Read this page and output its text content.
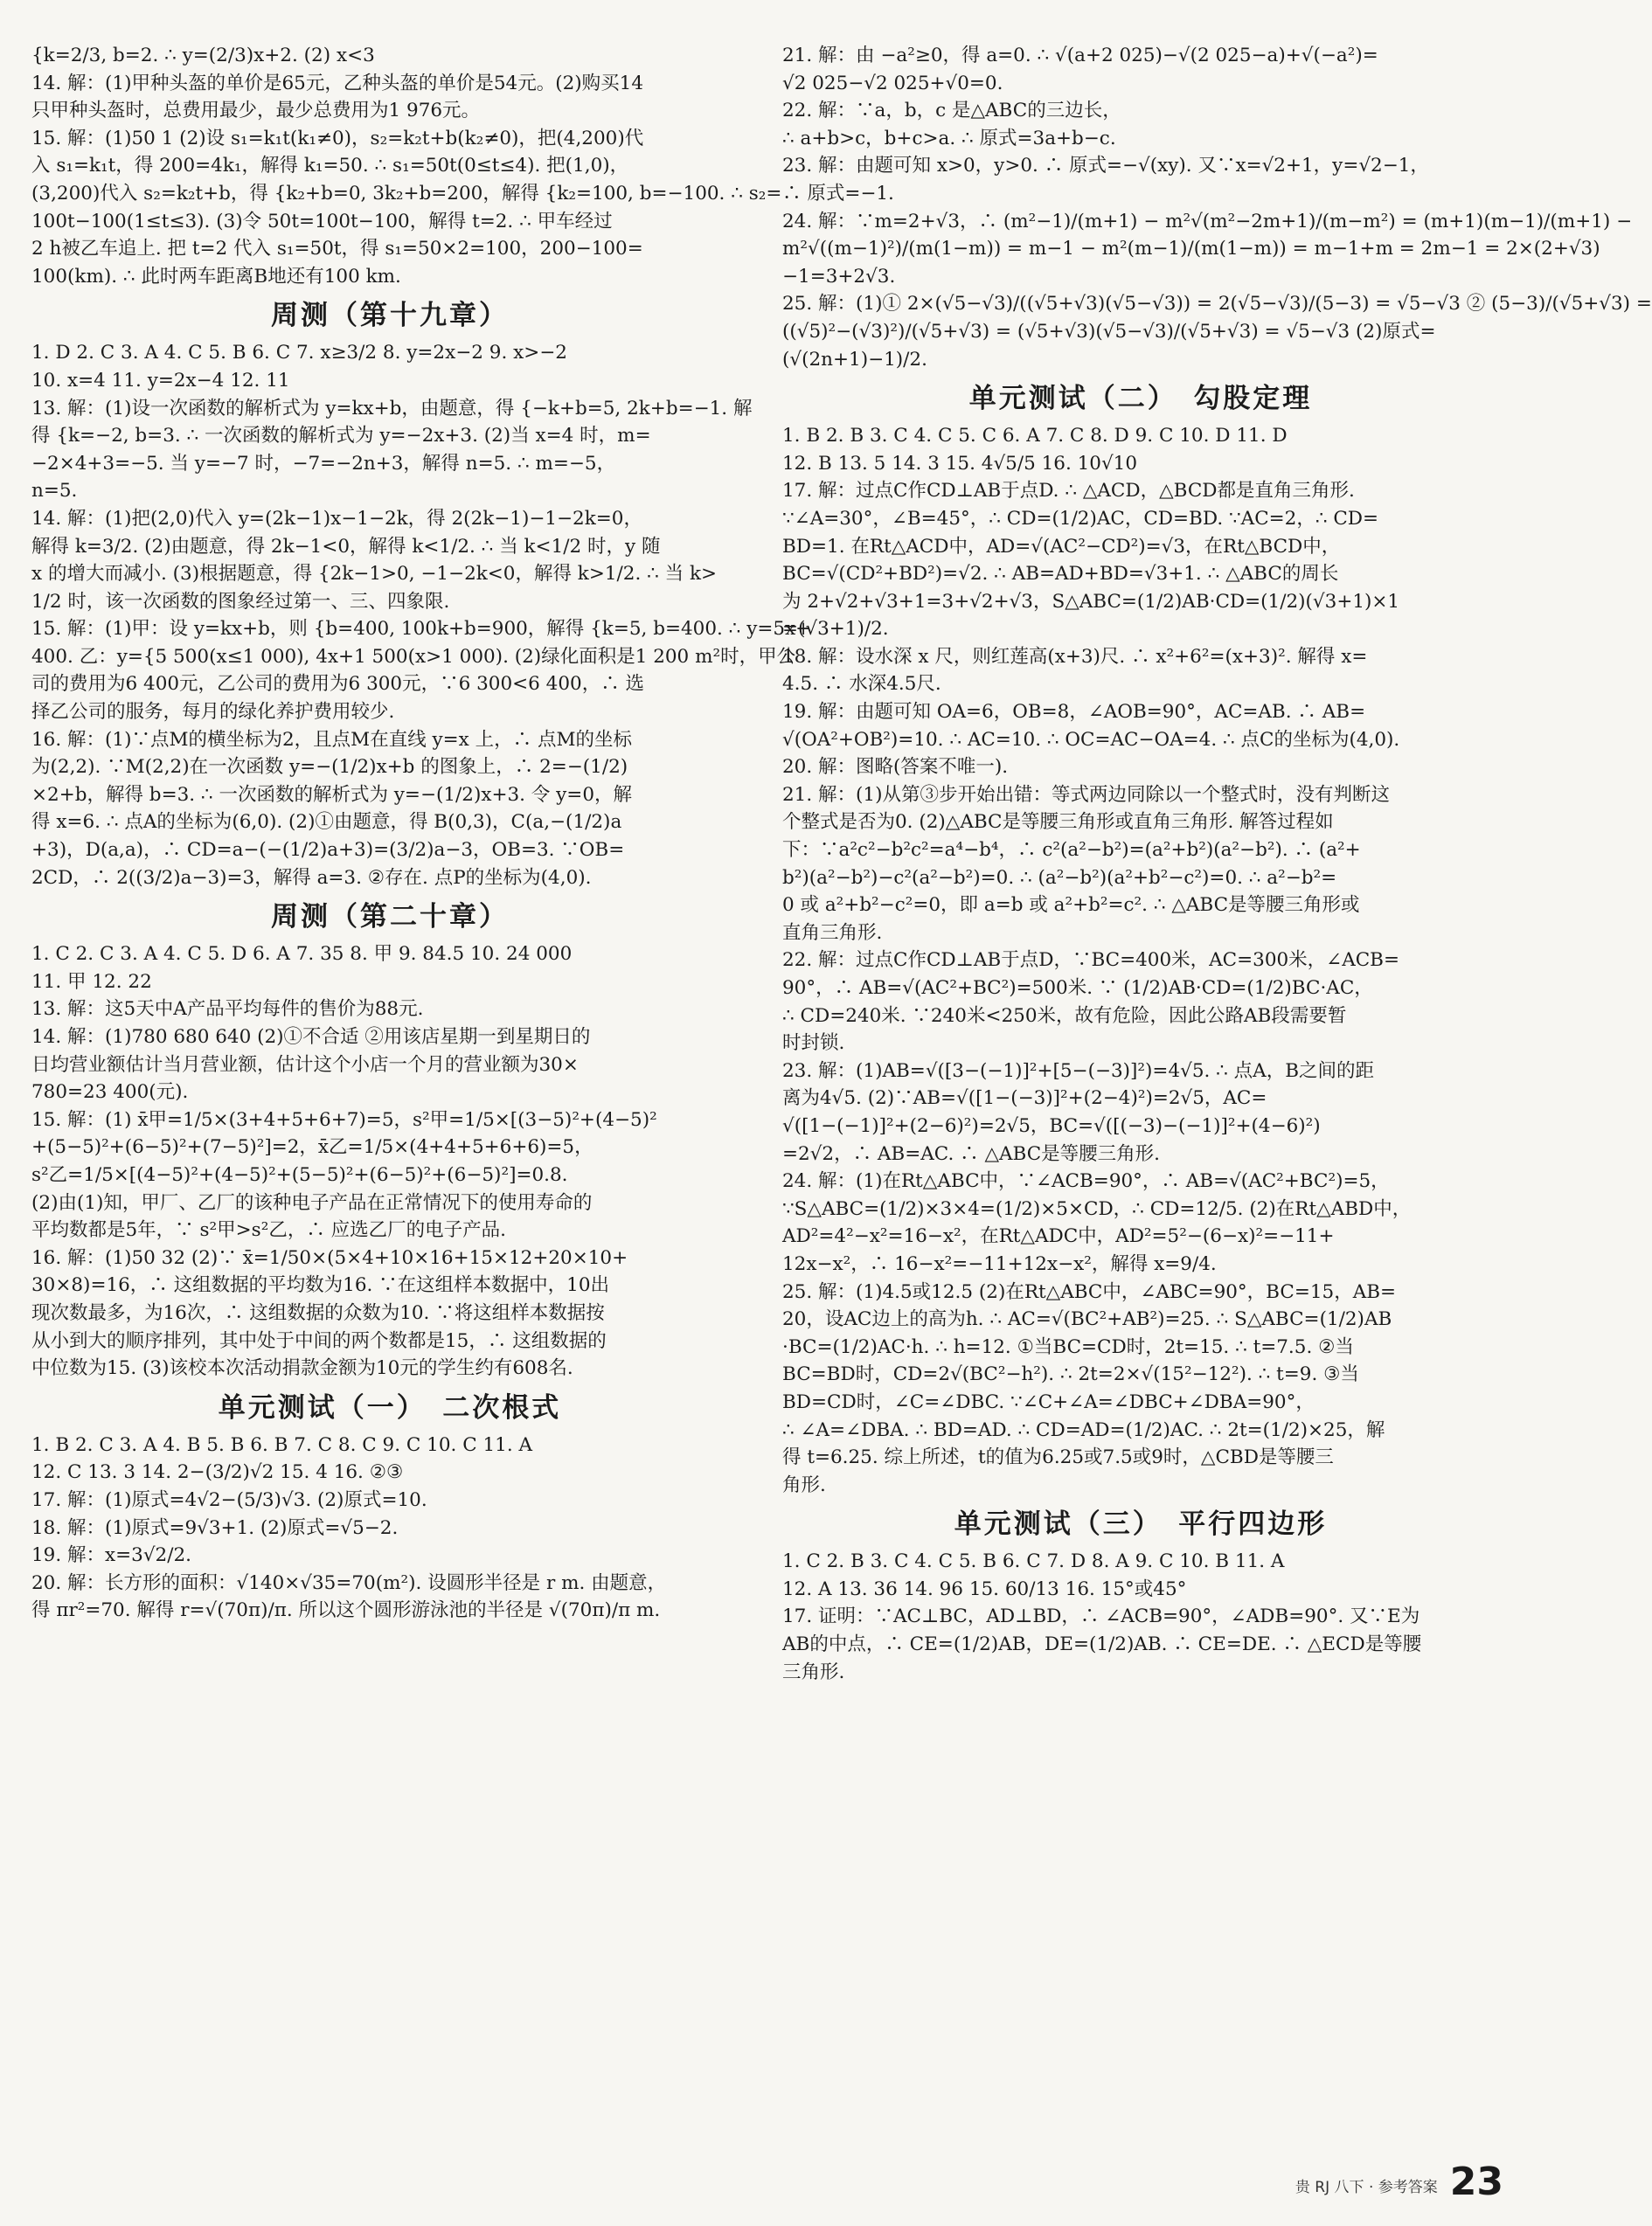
{k=2/3, b=2. ∴ y=(2/3)x+2. (2) x<3
14. 解：(1)甲种头盔的单价是65元，乙种头盔的单价是54元。(2)购买14
只甲种头盔时，总费用最少，最少总费用为1 976元。
15. 解：(1)50 1 (2)设 s₁=k₁t(k₁≠0)，s₂=k₂t+b(k₂≠0)，把(4,200)代
入 s₁=k₁t，得 200=4k₁，解得 k₁=50. ∴ s₁=50t(0≤t≤4). 把(1,0)，
(3,200)代入 s₂=k₂t+b，得 {k₂+b=0, 3k₂+b=200，解得 {k₂=100, b=−100. ∴ s₂=
100t−100(1≤t≤3). (3)令 50t=100t−100，解得 t=2. ∴ 甲车经过
2 h被乙车追上. 把 t=2 代入 s₁=50t，得 s₁=50×2=100，200−100=
100(km). ∴ 此时两车距离B地还有100 km.
周测（第十九章）
1. D 2. C 3. A 4. C 5. B 6. C 7. x≥3/2 8. y=2x−2 9. x>−2
10. x=4 11. y=2x−4 12. 11
13. 解：(1)设一次函数的解析式为 y=kx+b，由题意，得 {−k+b=5, 2k+b=−1. 解
得 {k=−2, b=3. ∴ 一次函数的解析式为 y=−2x+3. (2)当 x=4 时，m=
−2×4+3=−5. 当 y=−7 时，−7=−2n+3，解得 n=5. ∴ m=−5，
n=5.
14. 解：(1)把(2,0)代入 y=(2k−1)x−1−2k，得 2(2k−1)−1−2k=0，
解得 k=3/2. (2)由题意，得 2k−1<0，解得 k<1/2. ∴ 当 k<1/2 时，y 随
x 的增大而减小. (3)根据题意，得 {2k−1>0, −1−2k<0，解得 k>1/2. ∴ 当 k>
1/2 时，该一次函数的图象经过第一、三、四象限.
15. 解：(1)甲：设 y=kx+b，则 {b=400, 100k+b=900，解得 {k=5, b=400. ∴ y=5x+
400. 乙：y={5 500(x≤1 000), 4x+1 500(x>1 000). (2)绿化面积是1 200 m²时，甲公
司的费用为6 400元，乙公司的费用为6 300元，∵6 300<6 400，∴ 选
择乙公司的服务，每月的绿化养护费用较少.
16. 解：(1)∵点M的横坐标为2，且点M在直线 y=x 上，∴ 点M的坐标
为(2,2). ∵M(2,2)在一次函数 y=−(1/2)x+b 的图象上，∴ 2=−(1/2)
×2+b，解得 b=3. ∴ 一次函数的解析式为 y=−(1/2)x+3. 令 y=0，解
得 x=6. ∴ 点A的坐标为(6,0). (2)①由题意，得 B(0,3)，C(a,−(1/2)a
+3)，D(a,a)，∴ CD=a−(−(1/2)a+3)=(3/2)a−3，OB=3. ∵OB=
2CD，∴ 2((3/2)a−3)=3，解得 a=3. ②存在. 点P的坐标为(4,0).
周测（第二十章）
1. C 2. C 3. A 4. C 5. D 6. A 7. 35 8. 甲 9. 84.5 10. 24 000
11. 甲 12. 22
13. 解：这5天中A产品平均每件的售价为88元.
14. 解：(1)780 680 640 (2)①不合适 ②用该店星期一到星期日的
日均营业额估计当月营业额，估计这个小店一个月的营业额为30×
780=23 400(元).
15. 解：(1) x̄甲=1/5×(3+4+5+6+7)=5，s²甲=1/5×[(3−5)²+(4−5)²
+(5−5)²+(6−5)²+(7−5)²]=2，x̄乙=1/5×(4+4+5+6+6)=5，
s²乙=1/5×[(4−5)²+(4−5)²+(5−5)²+(6−5)²+(6−5)²]=0.8.
(2)由(1)知，甲厂、乙厂的该种电子产品在正常情况下的使用寿命的
平均数都是5年，∵ s²甲>s²乙，∴ 应选乙厂的电子产品.
16. 解：(1)50 32 (2)∵ x̄=1/50×(5×4+10×16+15×12+20×10+
30×8)=16，∴ 这组数据的平均数为16. ∵在这组样本数据中，10出
现次数最多，为16次，∴ 这组数据的众数为10. ∵将这组样本数据按
从小到大的顺序排列，其中处于中间的两个数都是15，∴ 这组数据的
中位数为15. (3)该校本次活动捐款金额为10元的学生约有608名.
单元测试（一）　二次根式
1. B 2. C 3. A 4. B 5. B 6. B 7. C 8. C 9. C 10. C 11. A
12. C 13. 3 14. 2−(3/2)√2 15. 4 16. ②③
17. 解：(1)原式=4√2−(5/3)√3. (2)原式=10.
18. 解：(1)原式=9√3+1. (2)原式=√5−2.
19. 解：x=3√2/2.
20. 解：长方形的面积：√140×√35=70(m²). 设圆形半径是 r m. 由题意，
得 πr²=70. 解得 r=√(70π)/π. 所以这个圆形游泳池的半径是 √(70π)/π m.
21. 解：由 −a²≥0，得 a=0. ∴ √(a+2 025)−√(2 025−a)+√(−a²)=
√2 025−√2 025+√0=0.
22. 解：∵a，b，c 是△ABC的三边长，
∴ a+b>c，b+c>a. ∴ 原式=3a+b−c.
23. 解：由题可知 x>0，y>0. ∴ 原式=−√(xy). 又∵x=√2+1，y=√2−1，
∴ 原式=−1.
24. 解：∵m=2+√3，∴ (m²−1)/(m+1) − m²√(m²−2m+1)/(m−m²) = (m+1)(m−1)/(m+1) −
m²√((m−1)²)/(m(1−m)) = m−1 − m²(m−1)/(m(1−m)) = m−1+m = 2m−1 = 2×(2+√3)
−1=3+2√3.
25. 解：(1)① 2×(√5−√3)/((√5+√3)(√5−√3)) = 2(√5−√3)/(5−3) = √5−√3 ② (5−3)/(√5+√3) =
((√5)²−(√3)²)/(√5+√3) = (√5+√3)(√5−√3)/(√5+√3) = √5−√3 (2)原式=
(√(2n+1)−1)/2.
单元测试（二）　勾股定理
1. B 2. B 3. C 4. C 5. C 6. A 7. C 8. D 9. C 10. D 11. D
12. B 13. 5 14. 3 15. 4√5/5 16. 10√10
17. 解：过点C作CD⊥AB于点D. ∴ △ACD，△BCD都是直角三角形.
∵∠A=30°，∠B=45°，∴ CD=(1/2)AC，CD=BD. ∵AC=2，∴ CD=
BD=1. 在Rt△ACD中，AD=√(AC²−CD²)=√3，在Rt△BCD中，
BC=√(CD²+BD²)=√2. ∴ AB=AD+BD=√3+1. ∴ △ABC的周长
为 2+√2+√3+1=3+√2+√3，S△ABC=(1/2)AB·CD=(1/2)(√3+1)×1
=(√3+1)/2.
18. 解：设水深 x 尺，则红莲高(x+3)尺. ∴ x²+6²=(x+3)². 解得 x=
4.5. ∴ 水深4.5尺.
19. 解：由题可知 OA=6，OB=8，∠AOB=90°，AC=AB. ∴ AB=
√(OA²+OB²)=10. ∴ AC=10. ∴ OC=AC−OA=4. ∴ 点C的坐标为(4,0).
20. 解：图略(答案不唯一).
21. 解：(1)从第③步开始出错：等式两边同除以一个整式时，没有判断这
个整式是否为0. (2)△ABC是等腰三角形或直角三角形. 解答过程如
下：∵a²c²−b²c²=a⁴−b⁴，∴ c²(a²−b²)=(a²+b²)(a²−b²). ∴ (a²+
b²)(a²−b²)−c²(a²−b²)=0. ∴ (a²−b²)(a²+b²−c²)=0. ∴ a²−b²=
0 或 a²+b²−c²=0，即 a=b 或 a²+b²=c². ∴ △ABC是等腰三角形或
直角三角形.
22. 解：过点C作CD⊥AB于点D，∵BC=400米，AC=300米，∠ACB=
90°，∴ AB=√(AC²+BC²)=500米. ∵ (1/2)AB·CD=(1/2)BC·AC，
∴ CD=240米. ∵240米<250米，故有危险，因此公路AB段需要暂
时封锁.
23. 解：(1)AB=√([3−(−1)]²+[5−(−3)]²)=4√5. ∴ 点A，B之间的距
离为4√5. (2)∵AB=√([1−(−3)]²+(2−4)²)=2√5，AC=
√([1−(−1)]²+(2−6)²)=2√5，BC=√([(−3)−(−1)]²+(4−6)²)
=2√2，∴ AB=AC. ∴ △ABC是等腰三角形.
24. 解：(1)在Rt△ABC中，∵∠ACB=90°，∴ AB=√(AC²+BC²)=5，
∵S△ABC=(1/2)×3×4=(1/2)×5×CD，∴ CD=12/5. (2)在Rt△ABD中，
AD²=4²−x²=16−x²，在Rt△ADC中，AD²=5²−(6−x)²=−11+
12x−x²，∴ 16−x²=−11+12x−x²，解得 x=9/4.
25. 解：(1)4.5或12.5 (2)在Rt△ABC中，∠ABC=90°，BC=15，AB=
20，设AC边上的高为h. ∴ AC=√(BC²+AB²)=25. ∴ S△ABC=(1/2)AB
·BC=(1/2)AC·h. ∴ h=12. ①当BC=CD时，2t=15. ∴ t=7.5. ②当
BC=BD时，CD=2√(BC²−h²). ∴ 2t=2×√(15²−12²). ∴ t=9. ③当
BD=CD时，∠C=∠DBC. ∵∠C+∠A=∠DBC+∠DBA=90°，
∴ ∠A=∠DBA. ∴ BD=AD. ∴ CD=AD=(1/2)AC. ∴ 2t=(1/2)×25，解
得 t=6.25. 综上所述，t的值为6.25或7.5或9时，△CBD是等腰三
角形.
单元测试（三）　平行四边形
1. C 2. B 3. C 4. C 5. B 6. C 7. D 8. A 9. C 10. B 11. A
12. A 13. 36 14. 96 15. 60/13 16. 15°或45°
17. 证明：∵AC⊥BC，AD⊥BD，∴ ∠ACB=90°，∠ADB=90°. 又∵E为
AB的中点，∴ CE=(1/2)AB，DE=(1/2)AB. ∴ CE=DE. ∴ △ECD是等腰
三角形.
贵 RJ 八下 · 参考答案 23
